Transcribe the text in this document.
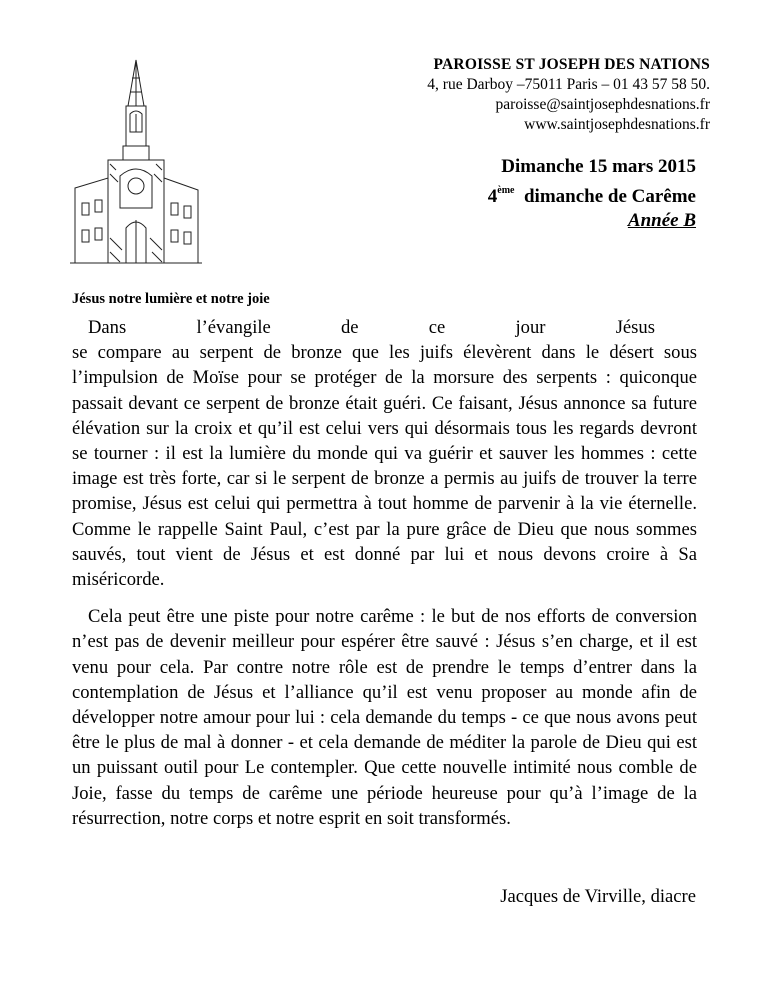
PAROISSE ST JOSEPH DES NATIONS
4, rue Darboy –75011 Paris – 01 43 57 58 50.
paroisse@saintjosephdesnations.fr
www.saintjosephdesnations.fr
Dimanche 15 mars 2015
4ème dimanche de Carême
Année B
Jésus notre lumière et notre joie
Dans	l’évangile	de	ce	jour	Jésus

se compare au serpent de bronze que les juifs élevèrent dans le désert sous l’impulsion de Moïse pour se protéger de la morsure des serpents : quiconque passait devant ce serpent de bronze était guéri. Ce faisant, Jésus annonce sa future élévation sur la croix et qu’il est celui vers qui désormais tous les regards devront se tourner : il est la lumière du monde qui va guérir et sauver les hommes : cette image est très forte, car si le serpent de bronze a permis au juifs de trouver la terre promise, Jésus est celui qui permettra à tout homme de parvenir à la vie éternelle. Comme le rappelle Saint Paul, c’est par la pure grâce de Dieu que nous sommes sauvés, tout vient de Jésus et est donné par lui et nous devons croire à Sa miséricorde.

Cela peut être une piste pour notre carême : le but de nos efforts de conversion n’est pas de devenir meilleur pour espérer être sauvé : Jésus s’en charge, et il est venu pour cela. Par contre notre rôle est de prendre le temps d’entrer dans la contemplation de Jésus et l’alliance qu’il est venu proposer au monde afin de développer notre amour pour lui : cela demande du temps - ce que nous avons peut être le plus de mal à donner - et cela demande de méditer la parole de Dieu qui est un puissant outil pour Le contempler. Que cette nouvelle intimité nous comble de Joie, fasse du temps de carême une période heureuse pour qu’à l’image de la résurrection, notre corps et notre esprit en soit transformés.

Jacques de Virville, diacre
